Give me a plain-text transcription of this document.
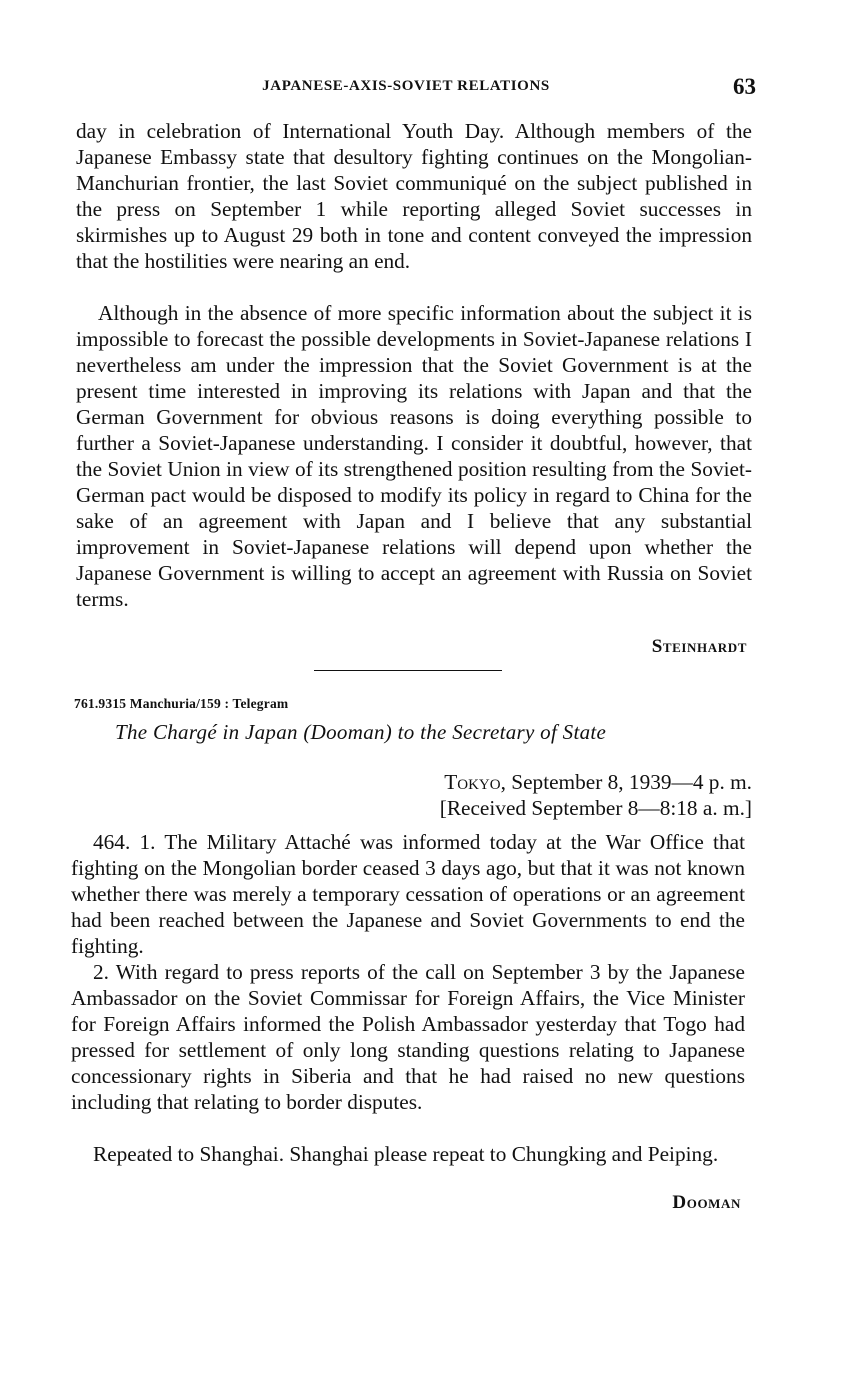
JAPANESE-AXIS-SOVIET RELATIONS	63

day in celebration of International Youth Day. Although members of the Japanese Embassy state that desultory fighting continues on the Mongolian-Manchurian frontier, the last Soviet communiqué on the subject published in the press on September 1 while reporting alleged Soviet successes in skirmishes up to August 29 both in tone and content conveyed the impression that the hostilities were nearing an end.

Although in the absence of more specific information about the subject it is impossible to forecast the possible developments in Soviet-Japanese relations I nevertheless am under the impression that the Soviet Government is at the present time interested in improving its relations with Japan and that the German Government for obvious reasons is doing everything possible to further a Soviet-Japanese understanding. I consider it doubtful, however, that the Soviet Union in view of its strengthened position resulting from the Soviet-German pact would be disposed to modify its policy in regard to China for the sake of an agreement with Japan and I believe that any substantial improvement in Soviet-Japanese relations will depend upon whether the Japanese Government is willing to accept an agreement with Russia on Soviet terms.

Steinhardt
761.9315 Manchuria/159 : Telegram
The Chargé in Japan (Dooman) to the Secretary of State
Tokyo, September 8, 1939—4 p. m.
[Received September 8—8:18 a. m.]

464. 1. The Military Attaché was informed today at the War Office that fighting on the Mongolian border ceased 3 days ago, but that it was not known whether there was merely a temporary cessation of operations or an agreement had been reached between the Japanese and Soviet Governments to end the fighting.

2. With regard to press reports of the call on September 3 by the Japanese Ambassador on the Soviet Commissar for Foreign Affairs, the Vice Minister for Foreign Affairs informed the Polish Ambassador yesterday that Togo had pressed for settlement of only long standing questions relating to Japanese concessionary rights in Siberia and that he had raised no new questions including that relating to border disputes.

Repeated to Shanghai. Shanghai please repeat to Chungking and Peiping.

Dooman
